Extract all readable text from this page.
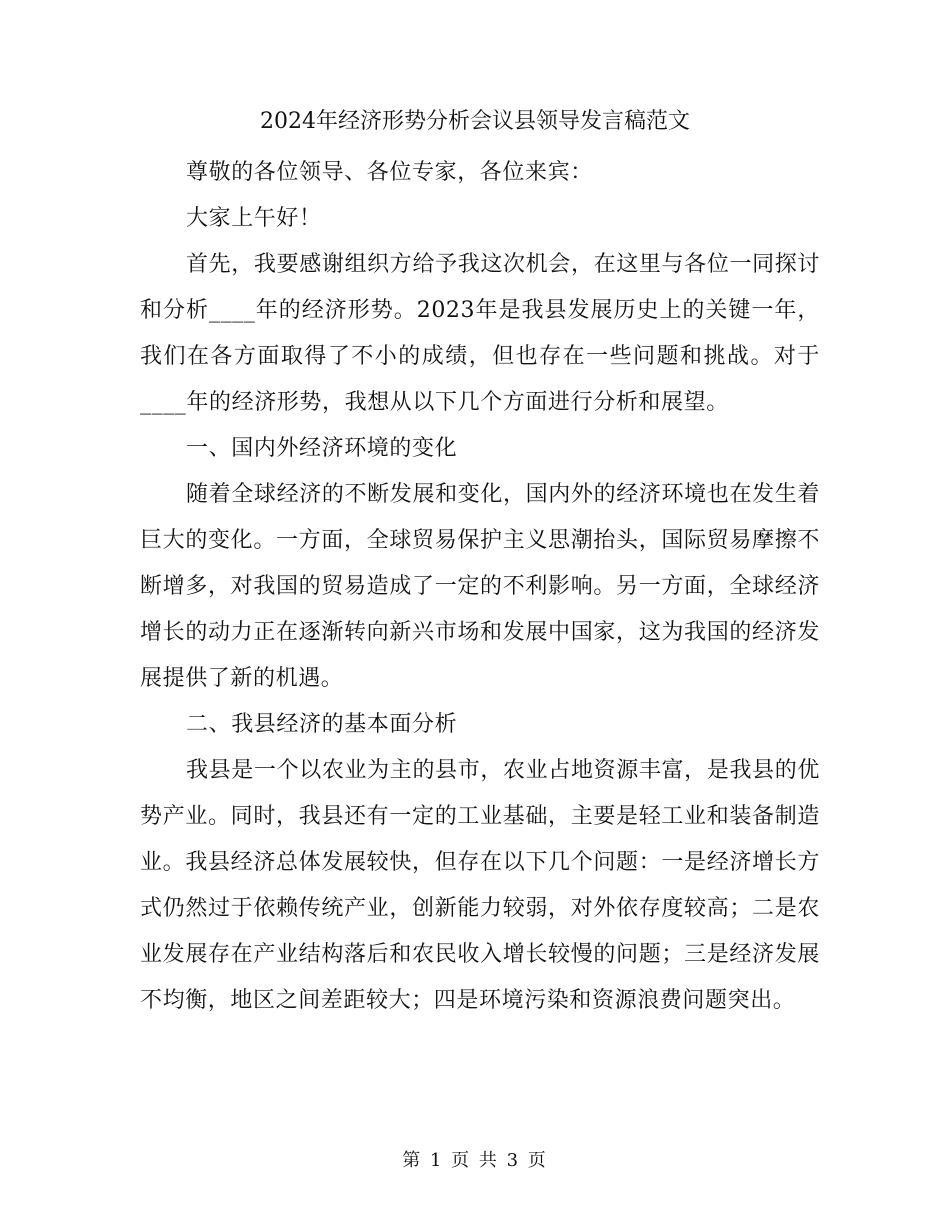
2024年经济形势分析会议县领导发言稿范文

尊敬的各位领导、各位专家，各位来宾：

大家上午好！

首先，我要感谢组织方给予我这次机会，在这里与各位一同探讨和分析____年的经济形势。2023年是我县发展历史上的关键一年，我们在各方面取得了不小的成绩，但也存在一些问题和挑战。对于____年的经济形势，我想从以下几个方面进行分析和展望。

一、国内外经济环境的变化

随着全球经济的不断发展和变化，国内外的经济环境也在发生着巨大的变化。一方面，全球贸易保护主义思潮抬头，国际贸易摩擦不断增多，对我国的贸易造成了一定的不利影响。另一方面，全球经济增长的动力正在逐渐转向新兴市场和发展中国家，这为我国的经济发展提供了新的机遇。

二、我县经济的基本面分析

我县是一个以农业为主的县市，农业占地资源丰富，是我县的优势产业。同时，我县还有一定的工业基础，主要是轻工业和装备制造业。我县经济总体发展较快，但存在以下几个问题：一是经济增长方式仍然过于依赖传统产业，创新能力较弱，对外依存度较高；二是农业发展存在产业结构落后和农民收入增长较慢的问题；三是经济发展不均衡，地区之间差距较大；四是环境污染和资源浪费问题突出。

第 1 页 共 3 页
